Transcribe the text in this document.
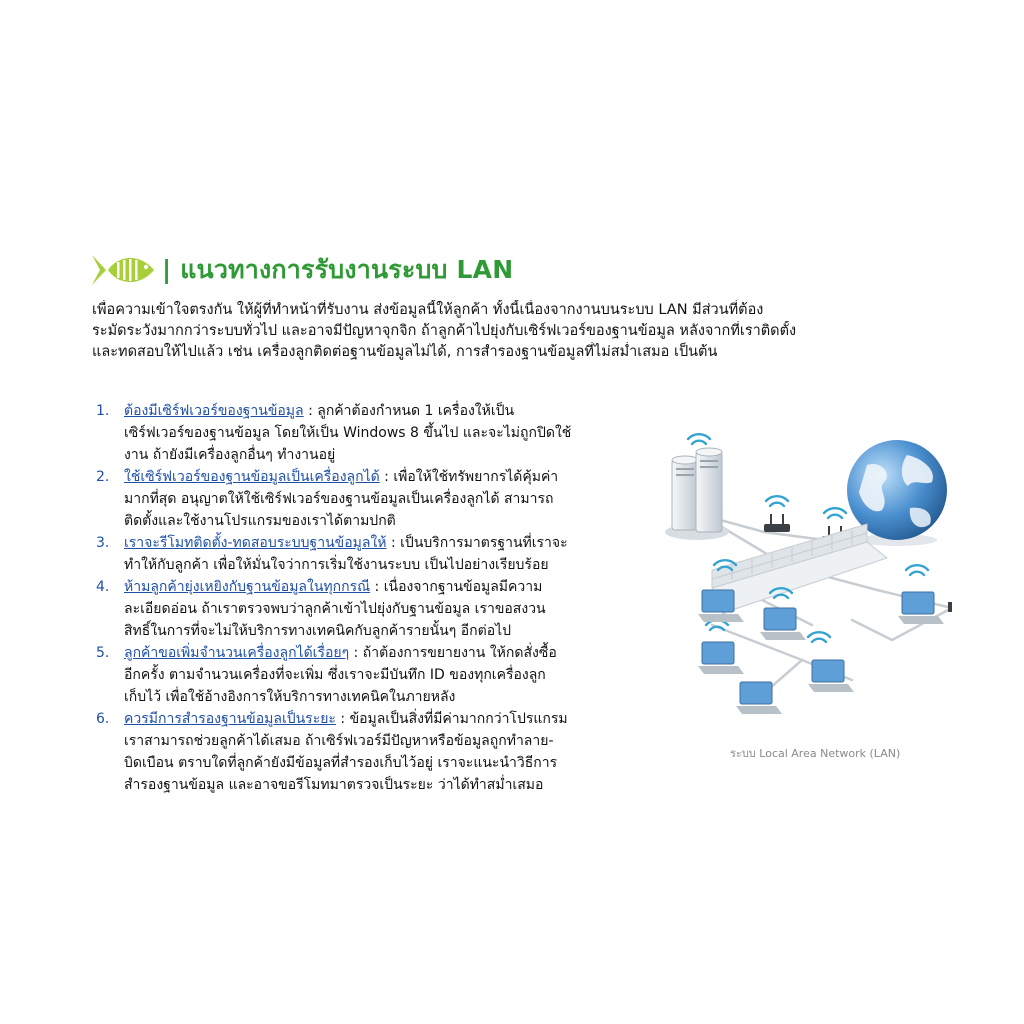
| แนวทางการรับงานระบบ LAN
เพื่อความเข้าใจตรงกัน ให้ผู้ที่ทำหน้าที่รับงาน ส่งข้อมูลนี้ให้ลูกค้า ทั้งนี้เนื่องจากงานบนระบบ LAN มีส่วนที่ต้อง
ระมัดระวังมากกว่าระบบทั่วไป และอาจมีปัญหาจุกจิก ถ้าลูกค้าไปยุ่งกับเซิร์ฟเวอร์ของฐานข้อมูล หลังจากที่เราติดตั้ง
และทดสอบให้ไปแล้ว เช่น เครื่องลูกติดต่อฐานข้อมูลไม่ได้, การสำรองฐานข้อมูลที่ไม่สม่ำเสมอ เป็นต้น
1. ต้องมีเซิร์ฟเวอร์ของฐานข้อมูล : ลูกค้าต้องกำหนด 1 เครื่องให้เป็น
เซิร์ฟเวอร์ของฐานข้อมูล โดยให้เป็น Windows 8 ขึ้นไป และจะไม่ถูกปิดใช้
งาน ถ้ายังมีเครื่องลูกอื่นๆ ทำงานอยู่
2. ใช้เซิร์ฟเวอร์ของฐานข้อมูลเป็นเครื่องลูกได้ : เพื่อให้ใช้ทรัพยากรได้คุ้มค่า
มากที่สุด อนุญาตให้ใช้เซิร์ฟเวอร์ของฐานข้อมูลเป็นเครื่องลูกได้ สามารถ
ติดตั้งและใช้งานโปรแกรมของเราได้ตามปกติ
3. เราจะรีโมทติดตั้ง-ทดสอบระบบฐานข้อมูลให้ : เป็นบริการมาตรฐานที่เราจะ
ทำให้กับลูกค้า เพื่อให้มั่นใจว่าการเริ่มใช้งานระบบ เป็นไปอย่างเรียบร้อย
4. ห้ามลูกค้ายุ่งเหยิงกับฐานข้อมูลในทุกกรณี : เนื่องจากฐานข้อมูลมีความ
ละเอียดอ่อน ถ้าเราตรวจพบว่าลูกค้าเข้าไปยุ่งกับฐานข้อมูล เราขอสงวน
สิทธิ์ในการที่จะไม่ให้บริการทางเทคนิคกับลูกค้ารายนั้นๆ อีกต่อไป
5. ลูกค้าขอเพิ่มจำนวนเครื่องลูกได้เรื่อยๆ : ถ้าต้องการขยายงาน ให้กดสั่งซื้อ
อีกครั้ง ตามจำนวนเครื่องที่จะเพิ่ม ซึ่งเราจะมีบันทึก ID ของทุกเครื่องลูก
เก็บไว้ เพื่อใช้อ้างอิงการให้บริการทางเทคนิคในภายหลัง
6. ควรมีการสำรองฐานข้อมูลเป็นระยะ : ข้อมูลเป็นสิ่งที่มีค่ามากกว่าโปรแกรม
เราสามารถช่วยลูกค้าได้เสมอ ถ้าเซิร์ฟเวอร์มีปัญหาหรือข้อมูลถูกทำลาย-
บิดเบือน ตราบใดที่ลูกค้ายังมีข้อมูลที่สำรองเก็บไว้อยู่ เราจะแนะนำวิธีการ
สำรองฐานข้อมูล และอาจขอรีโมทมาตรวจเป็นระยะ ว่าได้ทำสม่ำเสมอ
ระบบ Local Area Network (LAN)
